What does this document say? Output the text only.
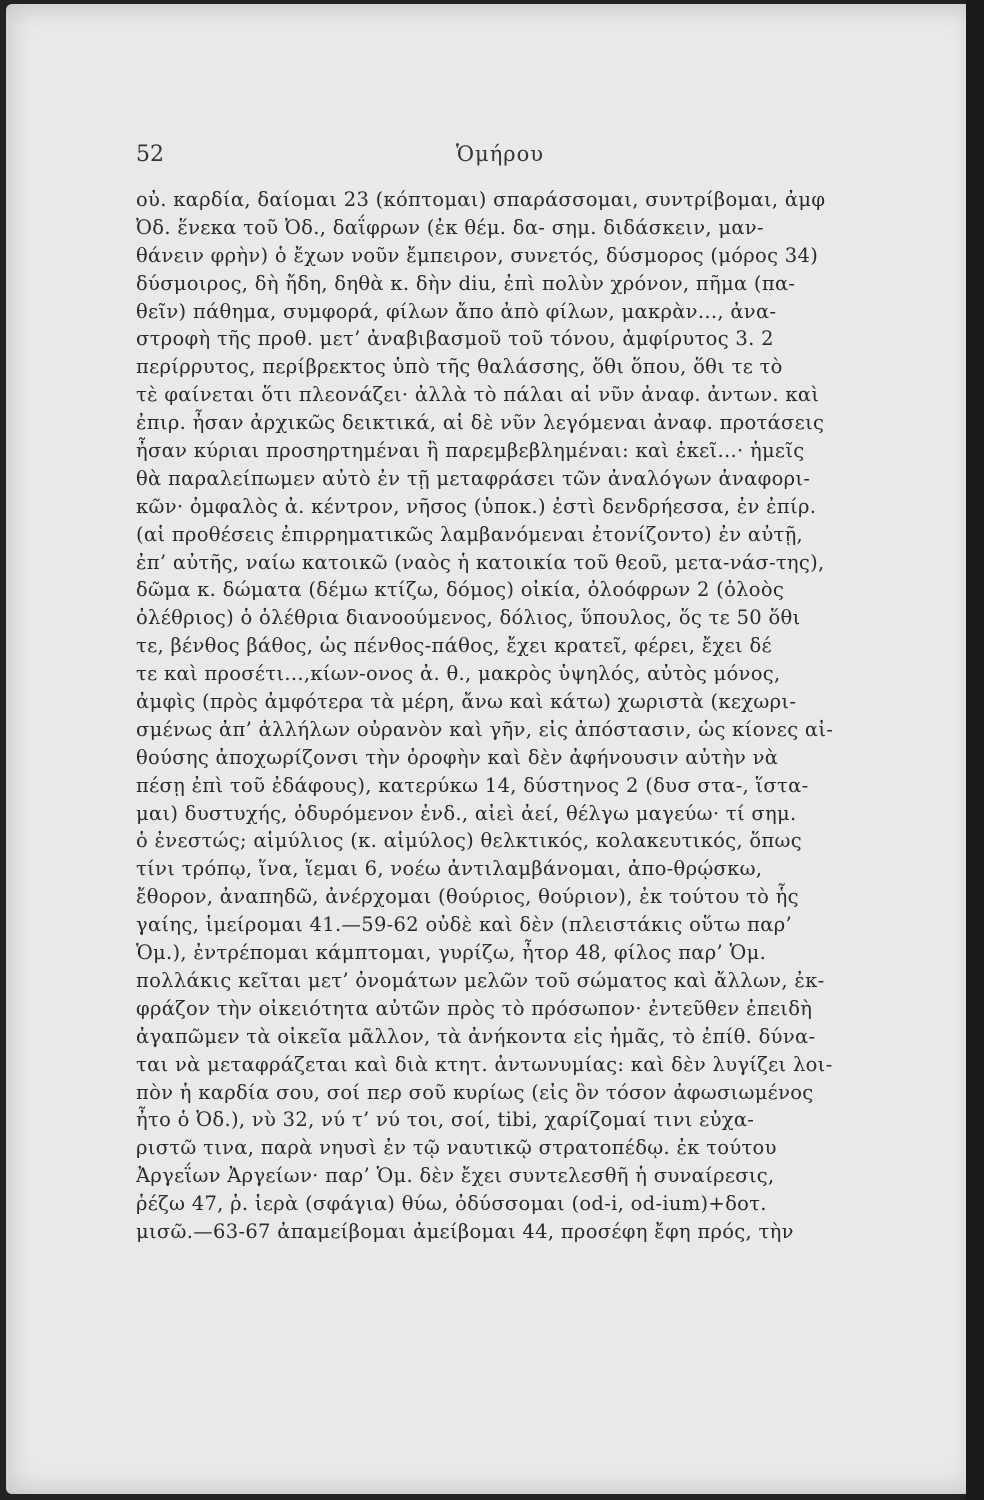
52	Ὁμήρου
οὐ. καρδία, δαίομαι 23 (κόπτομαι) σπαράσσομαι, συντρίβομαι, ἀμφ
Ὀδ. ἕνεκα τοῦ Ὀδ., δαΐφρων (ἐκ θέμ. δα- σημ. διδάσκειν, μαν-
θάνειν φρὴν) ὁ ἔχων νοῦν ἔμπειρον, συνετός, δύσμορος (μόρος 34)
δύσμοιρος, δὴ ἤδη, δηθὰ κ. δὴν diu, ἐπὶ πολὺν χρόνον, πῆμα (πα-
θεῖν) πάθημα, συμφορά, φίλων ἄπο ἀπὸ φίλων, μακρὰν..., ἀνα-
στροφὴ τῆς προθ. μετ’ ἀναβιβασμοῦ τοῦ τόνου, ἀμφίρυτος 3. 2
περίρρυτος, περίβρεκτος ὑπὸ τῆς θαλάσσης, ὅθι ὅπου, ὅθι τε τὸ
τὲ φαίνεται ὅτι πλεονάζει· ἀλλὰ τὸ πάλαι αἱ νῦν ἀναφ. ἀντων. καὶ
ἐπιρ. ἦσαν ἀρχικῶς δεικτικά, αἱ δὲ νῦν λεγόμεναι ἀναφ. προτάσεις
ἦσαν κύριαι προσηρτημέναι ἢ παρεμβεβλημέναι: καὶ ἐκεῖ...· ἡμεῖς
θὰ παραλείπωμεν αὐτὸ ἐν τῇ μεταφράσει τῶν ἀναλόγων ἀναφορι-
κῶν· ὀμφαλὸς ἀ. κέντρον, νῆσος (ὑποκ.) ἐστὶ δενδρήεσσα, ἐν ἐπίρ.
(αἱ προθέσεις ἐπιρρηματικῶς λαμβανόμεναι ἐτονίζοντο) ἐν αὐτῇ,
ἐπ’ αὐτῆς, ναίω κατοικῶ (ναὸς ἡ κατοικία τοῦ θεοῦ, μετα-νάσ-της),
δῶμα κ. δώματα (δέμω κτίζω, δόμος) οἰκία, ὀλοόφρων 2 (ὀλοὸς
ὀλέθριος) ὁ ὀλέθρια διανοούμενος, δόλιος, ὕπουλος, ὅς τε 50 ὅθι
τε, βένθος βάθος, ὡς πένθος-πάθος, ἔχει κρατεῖ, φέρει, ἔχει δέ
τε καὶ προσέτι...,κίων-ονος ἀ. θ., μακρὸς ὑψηλός, αὐτὸς μόνος,
ἀμφὶς (πρὸς ἀμφότερα τὰ μέρη, ἄνω καὶ κάτω) χωριστὰ (κεχωρι-
σμένως ἀπ’ ἀλλήλων οὐρανὸν καὶ γῆν, εἰς ἀπόστασιν, ὡς κίονες αἰ-
θούσης ἀποχωρίζονσι τὴν ὀροφὴν καὶ δὲν ἀφήνουσιν αὐτὴν νὰ
πέσῃ ἐπὶ τοῦ ἐδάφους), κατερύκω 14, δύστηνος 2 (δυσ στα-, ἵστα-
μαι) δυστυχής, ὀδυρόμενον ἐνδ., αἰεὶ ἀεί, θέλγω μαγεύω· τί σημ.
ὁ ἐνεστώς; αἱμύλιος (κ. αἱμύλος) θελκτικός, κολακευτικός, ὅπως
τίνι τρόπῳ, ἵνα, ἵεμαι 6, νοέω ἀντιλαμβάνομαι, ἀπο-θρῴσκω,
ἔθορον, ἀναπηδῶ, ἀνέρχομαι (θούριος, θούριον), ἐκ τούτου τὸ ἧς
γαίης, ἱμείρομαι 41.—59-62 οὐδὲ καὶ δὲν (πλειστάκις οὕτω παρ’
Ὁμ.), ἐντρέπομαι κάμπτομαι, γυρίζω, ἦτορ 48, φίλος παρ’ Ὁμ.
πολλάκις κεῖται μετ’ ὀνομάτων μελῶν τοῦ σώματος καὶ ἄλλων, ἐκ-
φράζον τὴν οἰκειότητα αὐτῶν πρὸς τὸ πρόσωπον· ἐντεῦθεν ἐπειδὴ
ἀγαπῶμεν τὰ οἰκεῖα μᾶλλον, τὰ ἀνήκοντα εἰς ἡμᾶς, τὸ ἐπίθ. δύνα-
ται νὰ μεταφράζεται καὶ διὰ κτητ. ἀντωνυμίας: καὶ δὲν λυγίζει λοι-
πὸν ἡ καρδία σου, σοί περ σοῦ κυρίως (εἰς ὃν τόσον ἀφωσιωμένος
ἦτο ὁ Ὀδ.), νὺ 32, νύ τ’ νύ τοι, σοί, tibi, χαρίζομαί τινι εὐχα-
ριστῶ τινα, παρὰ νηυσὶ ἐν τῷ ναυτικῷ στρατοπέδῳ. ἐκ τούτου
Ἀργεΐων Ἀργείων· παρ’ Ὁμ. δὲν ἔχει συντελεσθῆ ἡ συναίρεσις,
ῥέζω 47, ῥ. ἱερὰ (σφάγια) θύω, ὀδύσσομαι (od-i, od-ium)+δοτ.
μισῶ.—63-67 ἀπαμείβομαι ἀμείβομαι 44, προσέφη ἔφη πρός, τὴν
